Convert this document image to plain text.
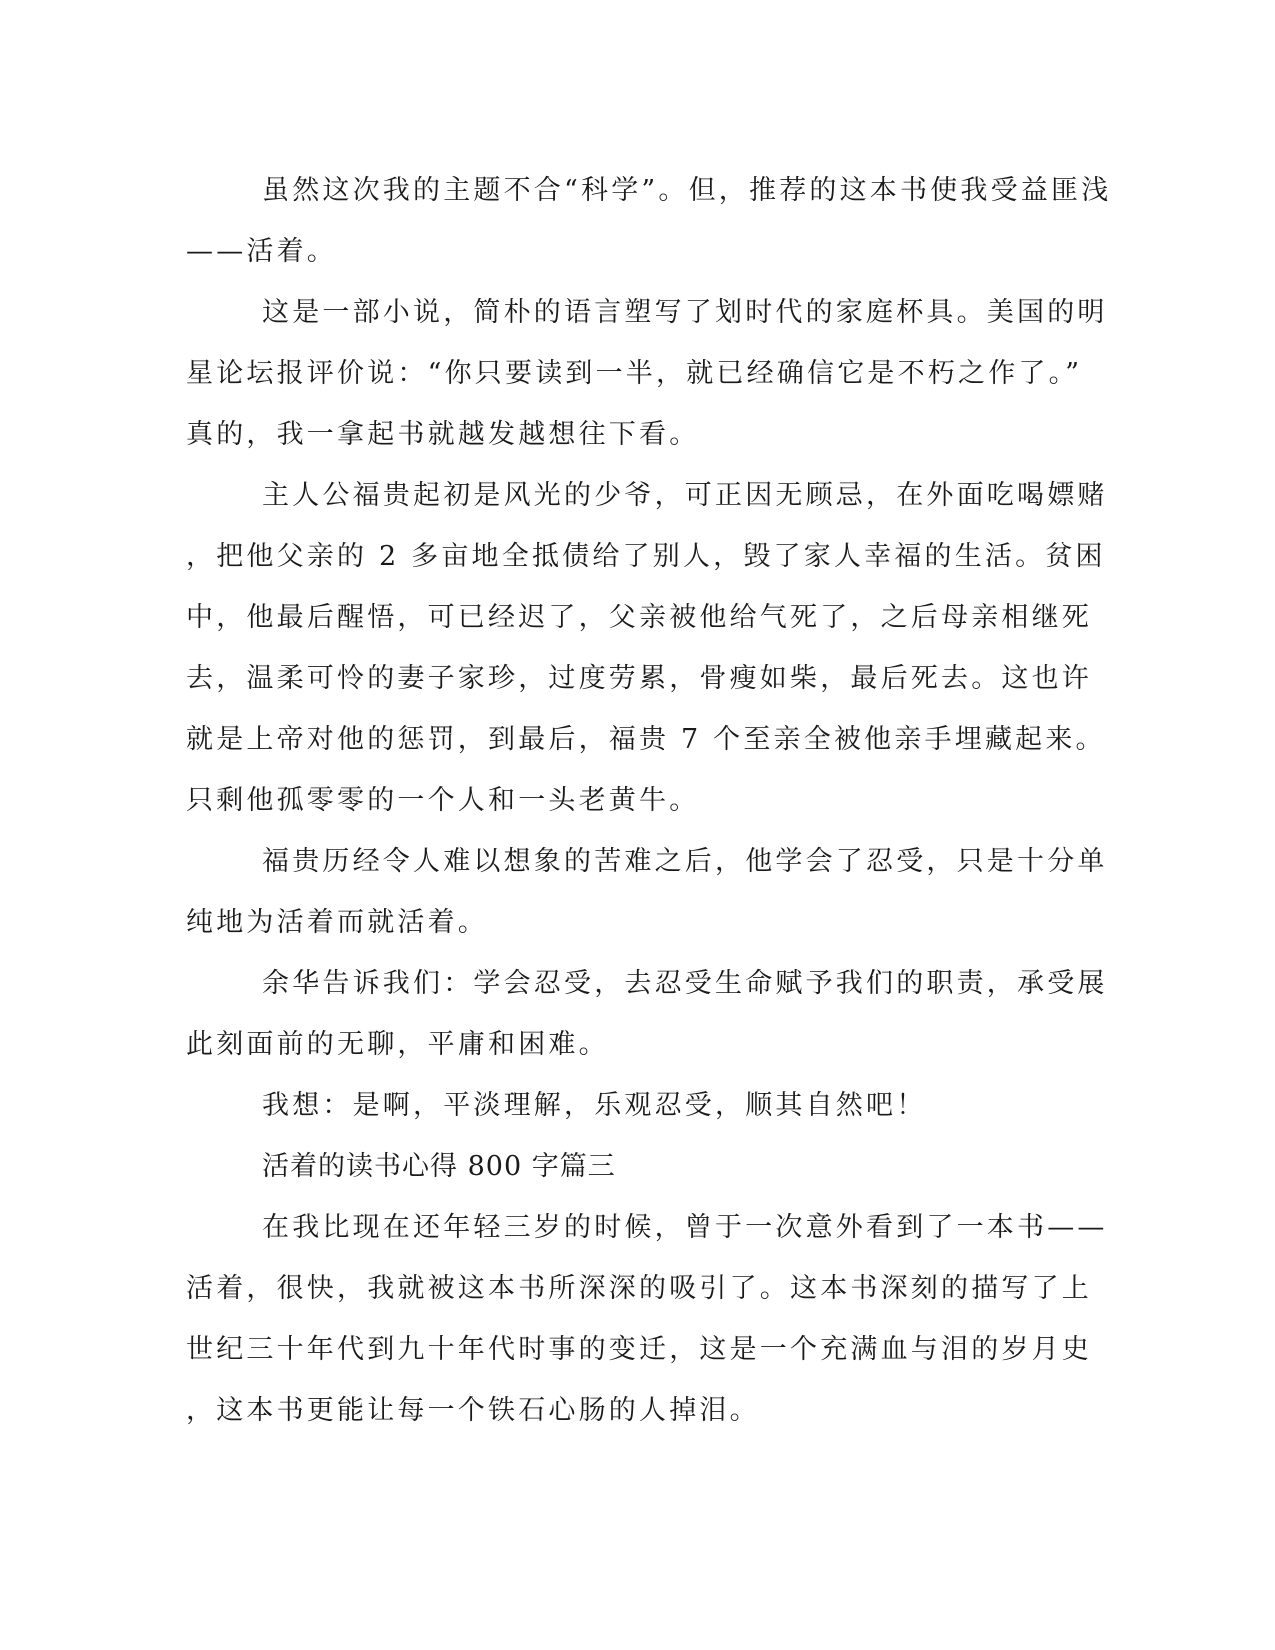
虽然这次我的主题不合“科学”。但，推荐的这本书使我受益匪浅
——活着。
这是一部小说，简朴的语言塑写了划时代的家庭杯具。美国的明
星论坛报评价说：“你只要读到一半，就已经确信它是不朽之作了。”
真的，我一拿起书就越发越想往下看。
主人公福贵起初是风光的少爷，可正因无顾忌，在外面吃喝嫖赌
，把他父亲的 2 多亩地全抵债给了别人，毁了家人幸福的生活。贫困
中，他最后醒悟，可已经迟了，父亲被他给气死了，之后母亲相继死
去，温柔可怜的妻子家珍，过度劳累，骨瘦如柴，最后死去。这也许
就是上帝对他的惩罚，到最后，福贵 7 个至亲全被他亲手埋藏起来。
只剩他孤零零的一个人和一头老黄牛。
福贵历经令人难以想象的苦难之后，他学会了忍受，只是十分单
纯地为活着而就活着。
余华告诉我们：学会忍受，去忍受生命赋予我们的职责，承受展
此刻面前的无聊，平庸和困难。
我想：是啊，平淡理解，乐观忍受，顺其自然吧！
活着的读书心得 800 字篇三
在我比现在还年轻三岁的时候，曾于一次意外看到了一本书——
活着，很快，我就被这本书所深深的吸引了。这本书深刻的描写了上
世纪三十年代到九十年代时事的变迁，这是一个充满血与泪的岁月史
，这本书更能让每一个铁石心肠的人掉泪。
